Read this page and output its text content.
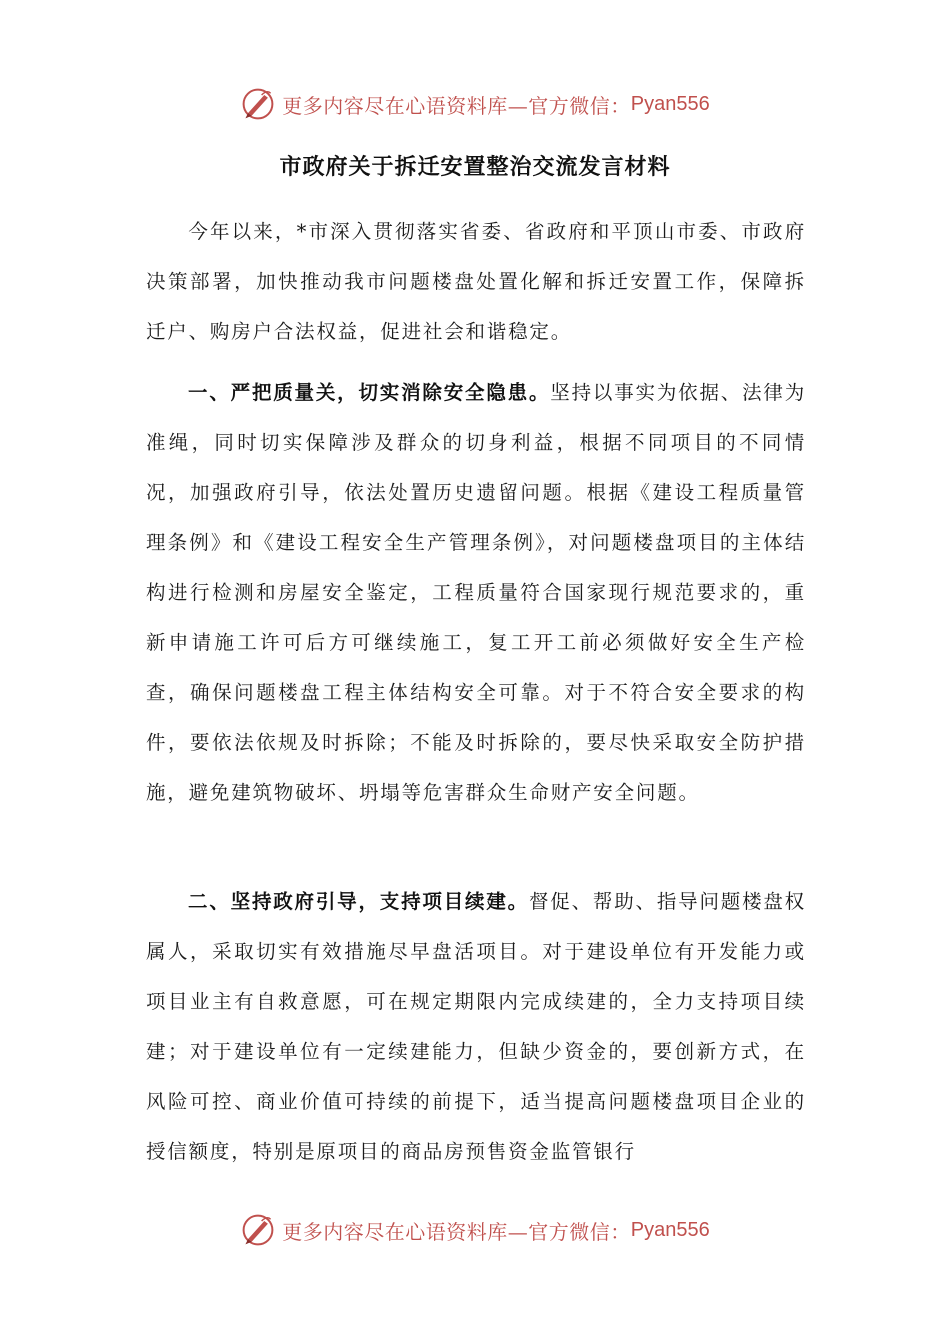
更多内容尽在心语资料库—官方微信： Pyan556
市政府关于拆迁安置整治交流发言材料

今年以来，*市深入贯彻落实省委、省政府和平顶山市委、市政府决策部署，加快推动我市问题楼盘处置化解和拆迁安置工作，保障拆迁户、购房户合法权益，促进社会和谐稳定。

一、严把质量关，切实消除安全隐患。坚持以事实为依据、法律为准绳，同时切实保障涉及群众的切身利益，根据不同项目的不同情况，加强政府引导，依法处置历史遗留问题。根据《建设工程质量管理条例》和《建设工程安全生产管理条例》，对问题楼盘项目的主体结构进行检测和房屋安全鉴定，工程质量符合国家现行规范要求的，重新申请施工许可后方可继续施工，复工开工前必须做好安全生产检查，确保问题楼盘工程主体结构安全可靠。对于不符合安全要求的构件，要依法依规及时拆除；不能及时拆除的，要尽快采取安全防护措施，避免建筑物破坏、坍塌等危害群众生命财产安全问题。

二、坚持政府引导，支持项目续建。督促、帮助、指导问题楼盘权属人，采取切实有效措施尽早盘活项目。对于建设单位有开发能力或项目业主有自救意愿，可在规定期限内完成续建的，全力支持项目续建；对于建设单位有一定续建能力，但缺少资金的，要创新方式，在风险可控、商业价值可持续的前提下，适当提高问题楼盘项目企业的授信额度，特别是原项目的商品房预售资金监管银行

更多内容尽在心语资料库—官方微信： Pyan556
